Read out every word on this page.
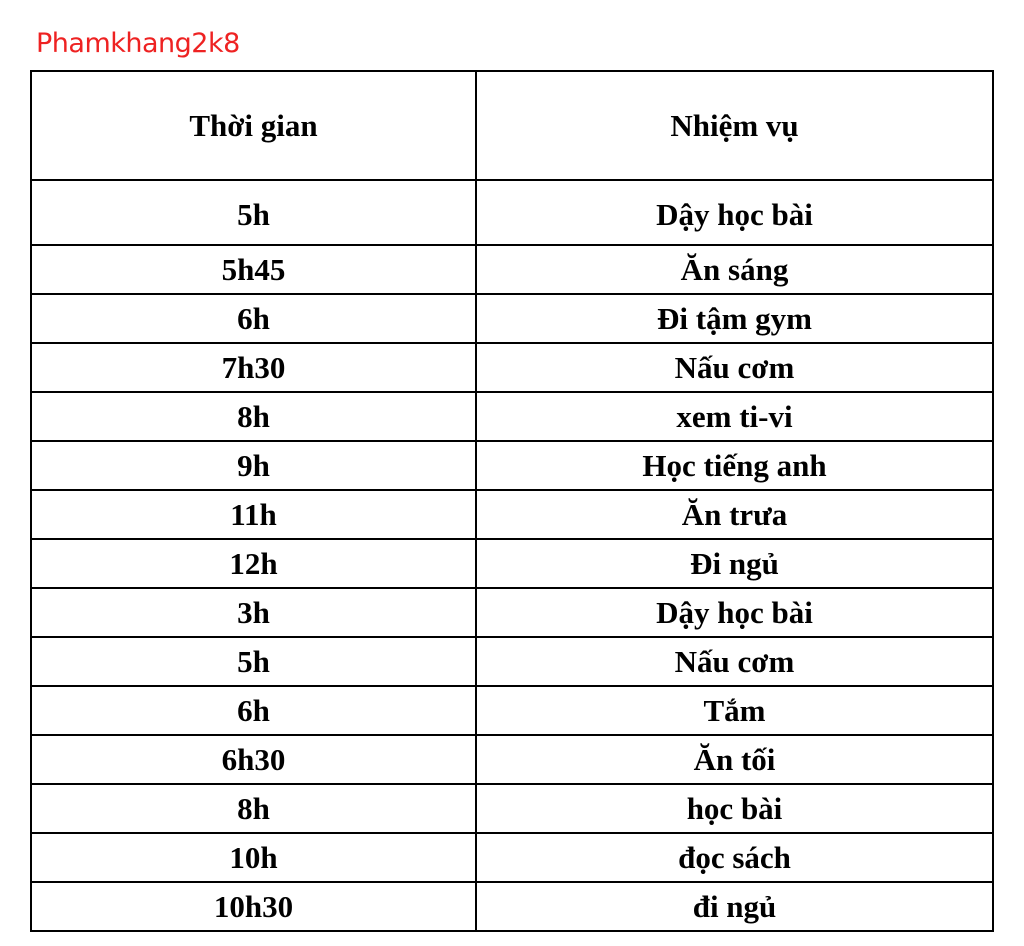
Phamkhang2k8
Thời gian	Nhiệm vụ
5h	Dậy học bài
5h45	Ăn sáng
6h	Đi tậm gym
7h30	Nấu cơm
8h	xem ti-vi
9h	Học tiếng anh
11h	Ăn trưa
12h	Đi ngủ
3h	Dậy học bài
5h	Nấu cơm
6h	Tắm
6h30	Ăn tối
8h	học bài
10h	đọc sách
10h30	đi ngủ
